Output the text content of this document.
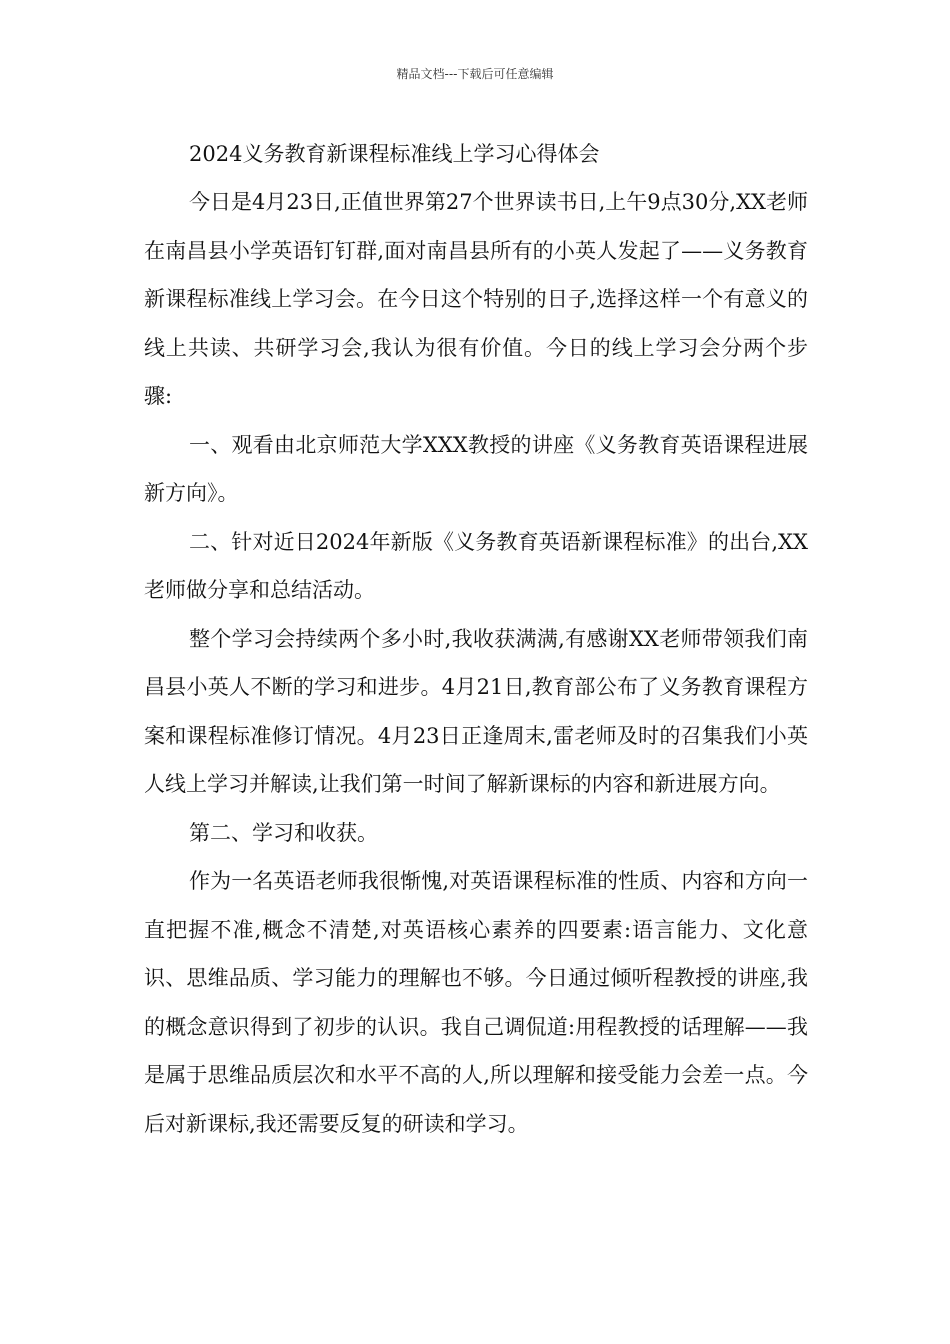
精品文档---下载后可任意编辑
2024义务教育新课程标准线上学习心得体会

今日是4月23日,正值世界第27个世界读书日,上午9点30分,XX老师在南昌县小学英语钉钉群,面对南昌县所有的小英人发起了——义务教育新课程标准线上学习会。在今日这个特别的日子,选择这样一个有意义的线上共读、共研学习会,我认为很有价值。今日的线上学习会分两个步骤:

一、观看由北京师范大学XXX教授的讲座《义务教育英语课程进展新方向》。

二、针对近日2024年新版《义务教育英语新课程标准》的出台,XX老师做分享和总结活动。

整个学习会持续两个多小时,我收获满满,有感谢XX老师带领我们南昌县小英人不断的学习和进步。4月21日,教育部公布了义务教育课程方案和课程标准修订情况。4月23日正逢周末,雷老师及时的召集我们小英人线上学习并解读,让我们第一时间了解新课标的内容和新进展方向。

第二、学习和收获。

作为一名英语老师我很惭愧,对英语课程标准的性质、内容和方向一直把握不准,概念不清楚,对英语核心素养的四要素:语言能力、文化意识、思维品质、学习能力的理解也不够。今日通过倾听程教授的讲座,我的概念意识得到了初步的认识。我自己调侃道:用程教授的话理解——我是属于思维品质层次和水平不高的人,所以理解和接受能力会差一点。今后对新课标,我还需要反复的研读和学习。
